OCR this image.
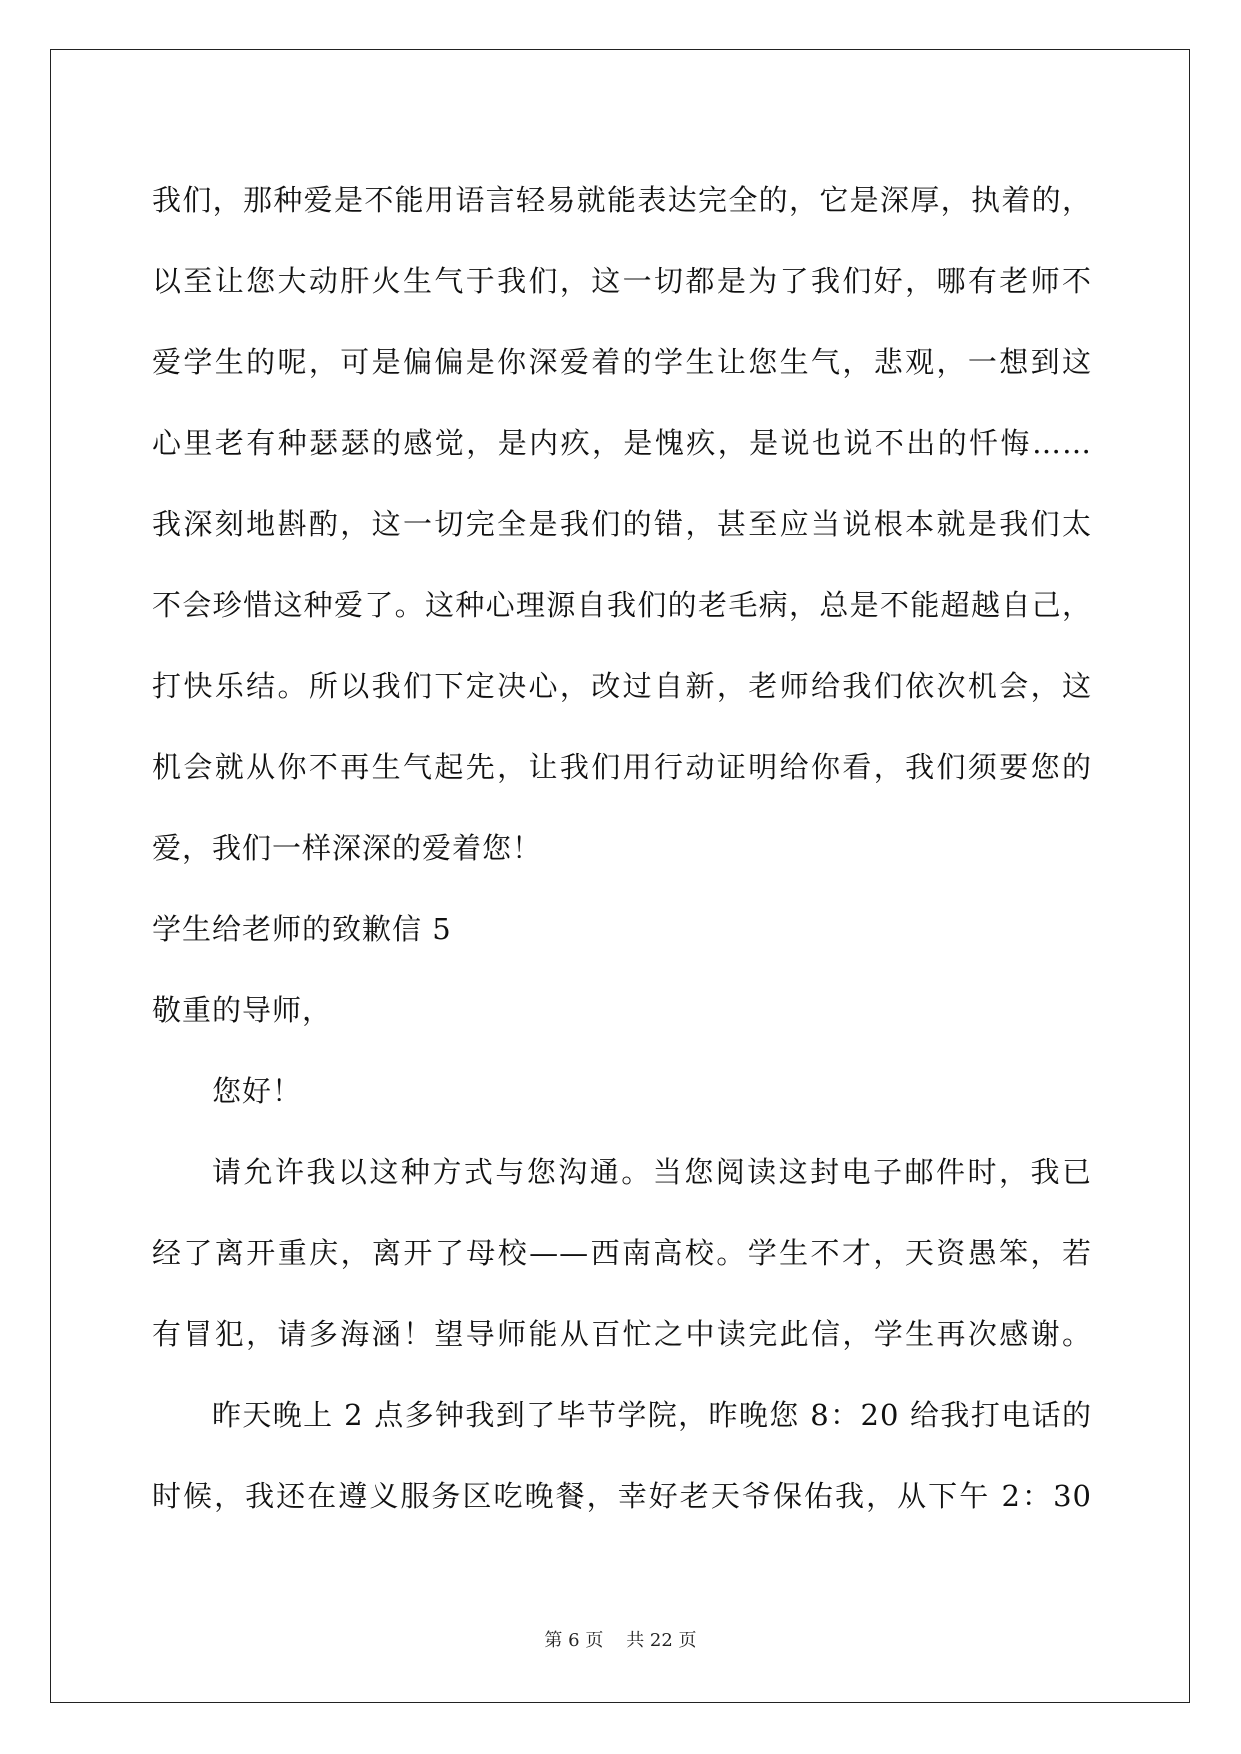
我们，那种爱是不能用语言轻易就能表达完全的，它是深厚，执着的，
以至让您大动肝火生气于我们，这一切都是为了我们好，哪有老师不
爱学生的呢，可是偏偏是你深爱着的学生让您生气，悲观，一想到这
心里老有种瑟瑟的感觉，是内疚，是愧疚，是说也说不出的忏悔……
我深刻地斟酌，这一切完全是我们的错，甚至应当说根本就是我们太
不会珍惜这种爱了。这种心理源自我们的老毛病，总是不能超越自己，
打快乐结。所以我们下定决心，改过自新，老师给我们依次机会，这
机会就从你不再生气起先，让我们用行动证明给你看，我们须要您的
爱，我们一样深深的爱着您！
学生给老师的致歉信 5
敬重的导师，
您好！
请允许我以这种方式与您沟通。当您阅读这封电子邮件时，我已
经了离开重庆，离开了母校——西南高校。学生不才，天资愚笨，若
有冒犯，请多海涵！望导师能从百忙之中读完此信，学生再次感谢。
昨天晚上 2 点多钟我到了毕节学院，昨晚您 8：20 给我打电话的
时候，我还在遵义服务区吃晚餐，幸好老天爷保佑我，从下午 2：30
第 6 页    共 22 页
